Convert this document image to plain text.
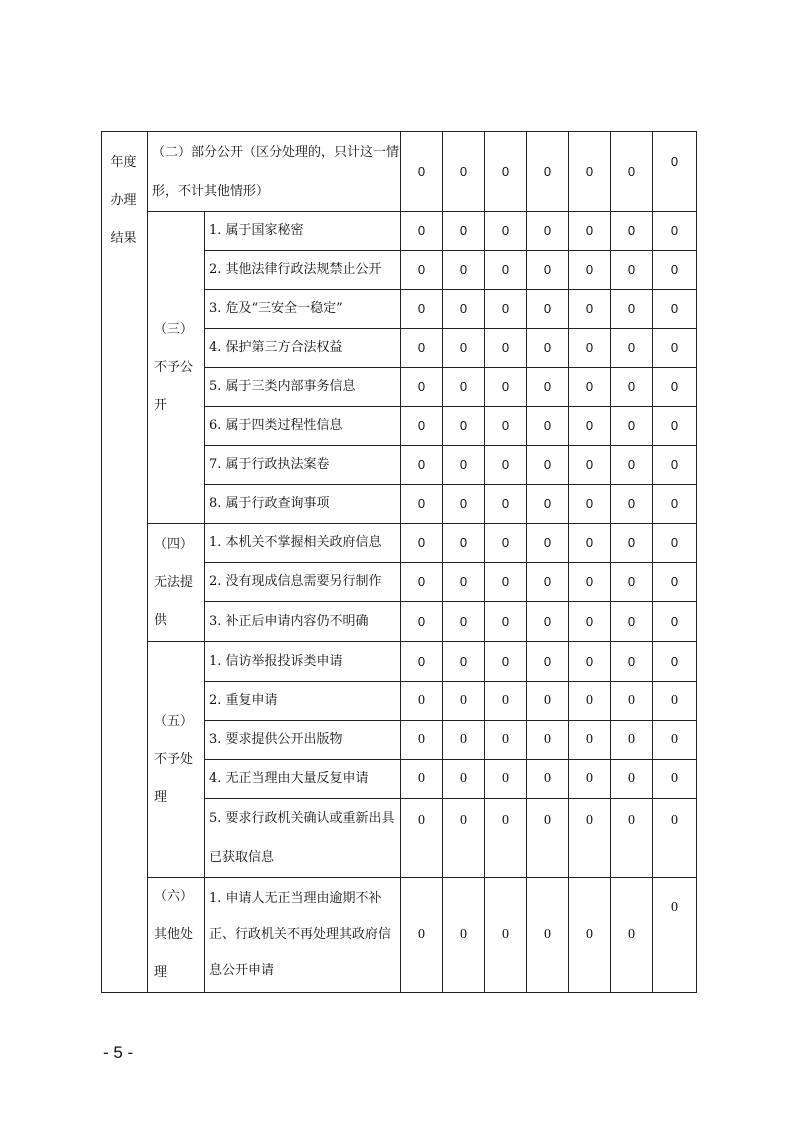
年度办理结果	（二）部分公开（区分处理的，只计这一情形，不计其他情形）		0	0	0	0	0	0	0

	（三）不予公开	1. 属于国家秘密	0	0	0	0	0	0	0

		2. 其他法律行政法规禁止公开	0	0	0	0	0	0	0

		3. 危及“三安全一稳定”	0	0	0	0	0	0	0

		4. 保护第三方合法权益	0	0	0	0	0	0	0

		5. 属于三类内部事务信息	0	0	0	0	0	0	0

		6. 属于四类过程性信息	0	0	0	0	0	0	0

		7. 属于行政执法案卷	0	0	0	0	0	0	0

		8. 属于行政查询事项	0	0	0	0	0	0	0

	（四）无法提供	1. 本机关不掌握相关政府信息	0	0	0	0	0	0	0

		2. 没有现成信息需要另行制作	0	0	0	0	0	0	0

		3. 补正后申请内容仍不明确	0	0	0	0	0	0	0

	（五）不予处理	1. 信访举报投诉类申请	0	0	0	0	0	0	0

		2. 重复申请	0	0	0	0	0	0	0

		3. 要求提供公开出版物	0	0	0	0	0	0	0

		4. 无正当理由大量反复申请	0	0	0	0	0	0	0

		5. 要求行政机关确认或重新出具已获取信息	0	0	0	0	0	0	0

	（六）其他处理	1. 申请人无正当理由逾期不补正、行政机关不再处理其政府信息公开申请	0	0	0	0	0	0	0
- 5 -
